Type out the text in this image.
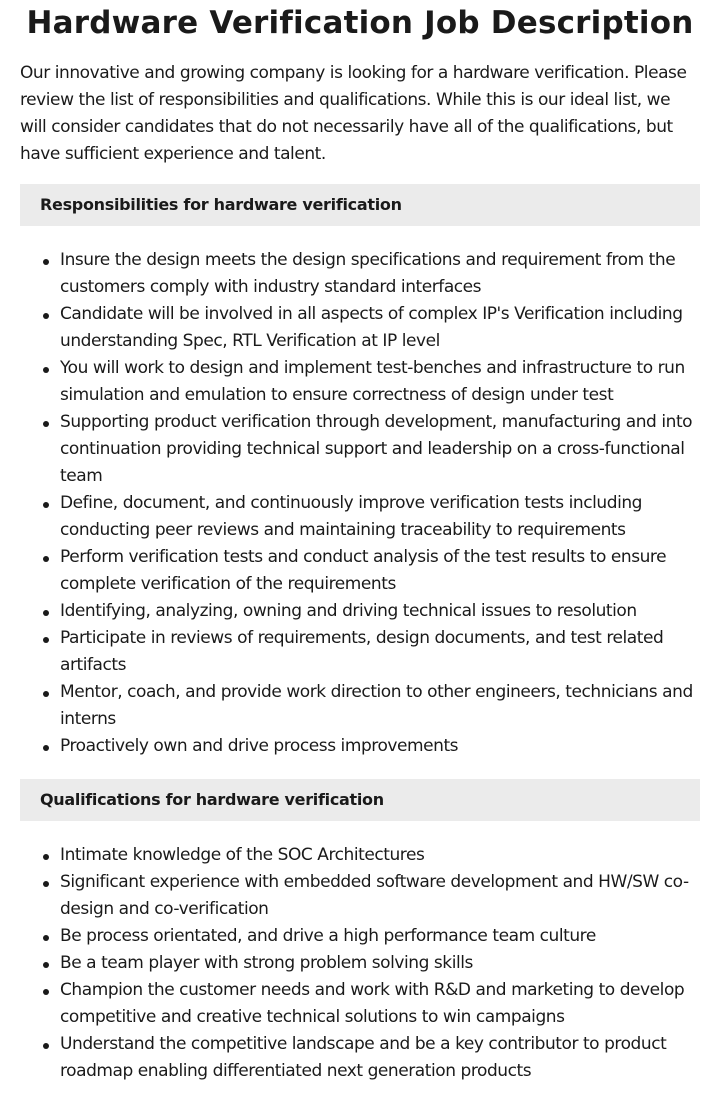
Hardware Verification Job Description

Our innovative and growing company is looking for a hardware verification. Please review the list of responsibilities and qualifications. While this is our ideal list, we will consider candidates that do not necessarily have all of the qualifications, but have sufficient experience and talent.

Responsibilities for hardware verification
Insure the design meets the design specifications and requirement from the customers comply with industry standard interfaces
Candidate will be involved in all aspects of complex IP's Verification including understanding Spec, RTL Verification at IP level
You will work to design and implement test-benches and infrastructure to run simulation and emulation to ensure correctness of design under test
Supporting product verification through development, manufacturing and into continuation providing technical support and leadership on a cross-functional team
Define, document, and continuously improve verification tests including conducting peer reviews and maintaining traceability to requirements
Perform verification tests and conduct analysis of the test results to ensure complete verification of the requirements
Identifying, analyzing, owning and driving technical issues to resolution
Participate in reviews of requirements, design documents, and test related artifacts
Mentor, coach, and provide work direction to other engineers, technicians and interns
Proactively own and drive process improvements
Qualifications for hardware verification
Intimate knowledge of the SOC Architectures
Significant experience with embedded software development and HW/SW co-design and co-verification
Be process orientated, and drive a high performance team culture
Be a team player with strong problem solving skills
Champion the customer needs and work with R&D and marketing to develop competitive and creative technical solutions to win campaigns
Understand the competitive landscape and be a key contributor to product roadmap enabling differentiated next generation products
